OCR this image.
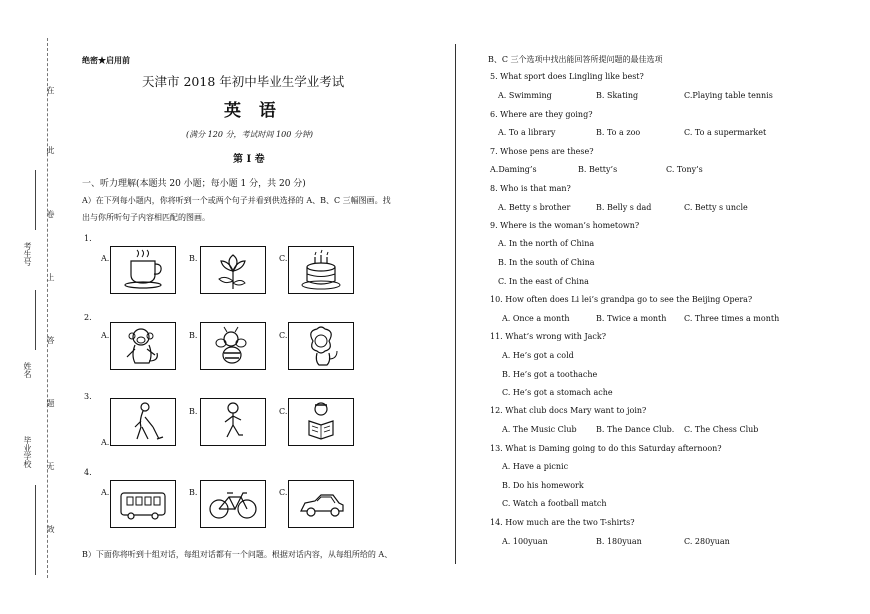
在
此
卷
上
答
题
无
效
考生号
姓名
毕业学校
绝密★启用前
天津市 2018 年初中毕业生学业考试
英 语
(满分 120 分，考试时间 100 分钟)
第 Ⅰ 卷
一、听力理解(本题共 20 小题；每小题 1 分，共 20 分)
A）在下列每小题内，你将听到一个或两个句子并看到供选择的 A、B、C 三幅图画。找
出与你所听句子内容相匹配的图画。
1.
A.	B.	C.
2.
A.	B.	C.
3.
A.
B.	C.
4.
A.	B.	C.
B）下面你将听到十组对话，每组对话都有一个问题。根据对话内容，从每组所给的 A、
B、C 三个选项中找出能回答所提问题的最佳选项
5. What sport does Lingling like best?
A. Swimming	B. Skating	C.Playing table tennis
6. Where are they going?
A. To a library	B. To a zoo	C. To a supermarket
7. Whose pens are these?
A.Daming’s	B. Betty’s	C. Tony’s
8. Who is that man?
A. Betty s brother	B. Belly s dad	C. Betty s uncle
9. Where is the woman’s hometown?
A. In the north of China
B. In the south of China
C. In the east of China
10. How often does Li lei’s grandpa go to see the Beijing Opera?
A. Once a month	B. Twice a month C. Three times a month
11. What’s wrong with Jack?
A. He’s got a cold
B. He’s got a toothache
C. He’s got a stomach ache
12. What club docs Mary want to join?
A. The Music Club B. The Dance Club. C. The Chess Club
13. What is Daming going to do this Saturday afternoon?
A. Have a picnic
B. Do his homework
C. Watch a football match
14. How much are the two T-shirts?
A. 100yuan	B. 180yuan	C. 280yuan
